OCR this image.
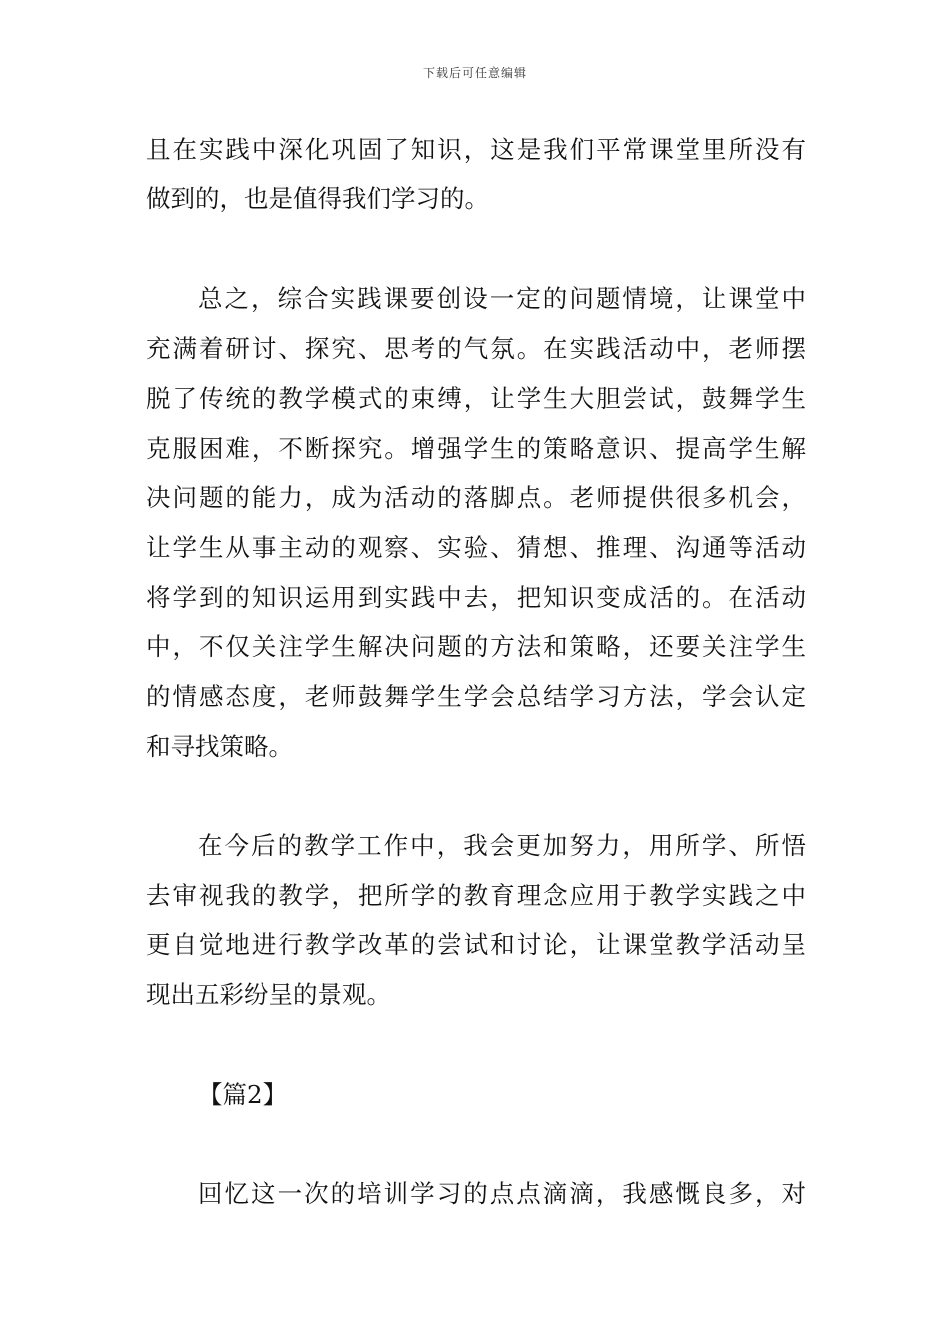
下载后可任意编辑
且在实践中深化巩固了知识，这是我们平常课堂里所没有
做到的，也是值得我们学习的。
总之，综合实践课要创设一定的问题情境，让课堂中
充满着研讨、探究、思考的气氛。在实践活动中，老师摆
脱了传统的教学模式的束缚，让学生大胆尝试，鼓舞学生
克服困难，不断探究。增强学生的策略意识、提高学生解
决问题的能力，成为活动的落脚点。老师提供很多机会，
让学生从事主动的观察、实验、猜想、推理、沟通等活动
将学到的知识运用到实践中去，把知识变成活的。在活动
中，不仅关注学生解决问题的方法和策略，还要关注学生
的情感态度，老师鼓舞学生学会总结学习方法，学会认定
和寻找策略。
在今后的教学工作中，我会更加努力，用所学、所悟
去审视我的教学，把所学的教育理念应用于教学实践之中
更自觉地进行教学改革的尝试和讨论，让课堂教学活动呈
现出五彩纷呈的景观。
【篇2】
回忆这一次的培训学习的点点滴滴，我感慨良多，对
